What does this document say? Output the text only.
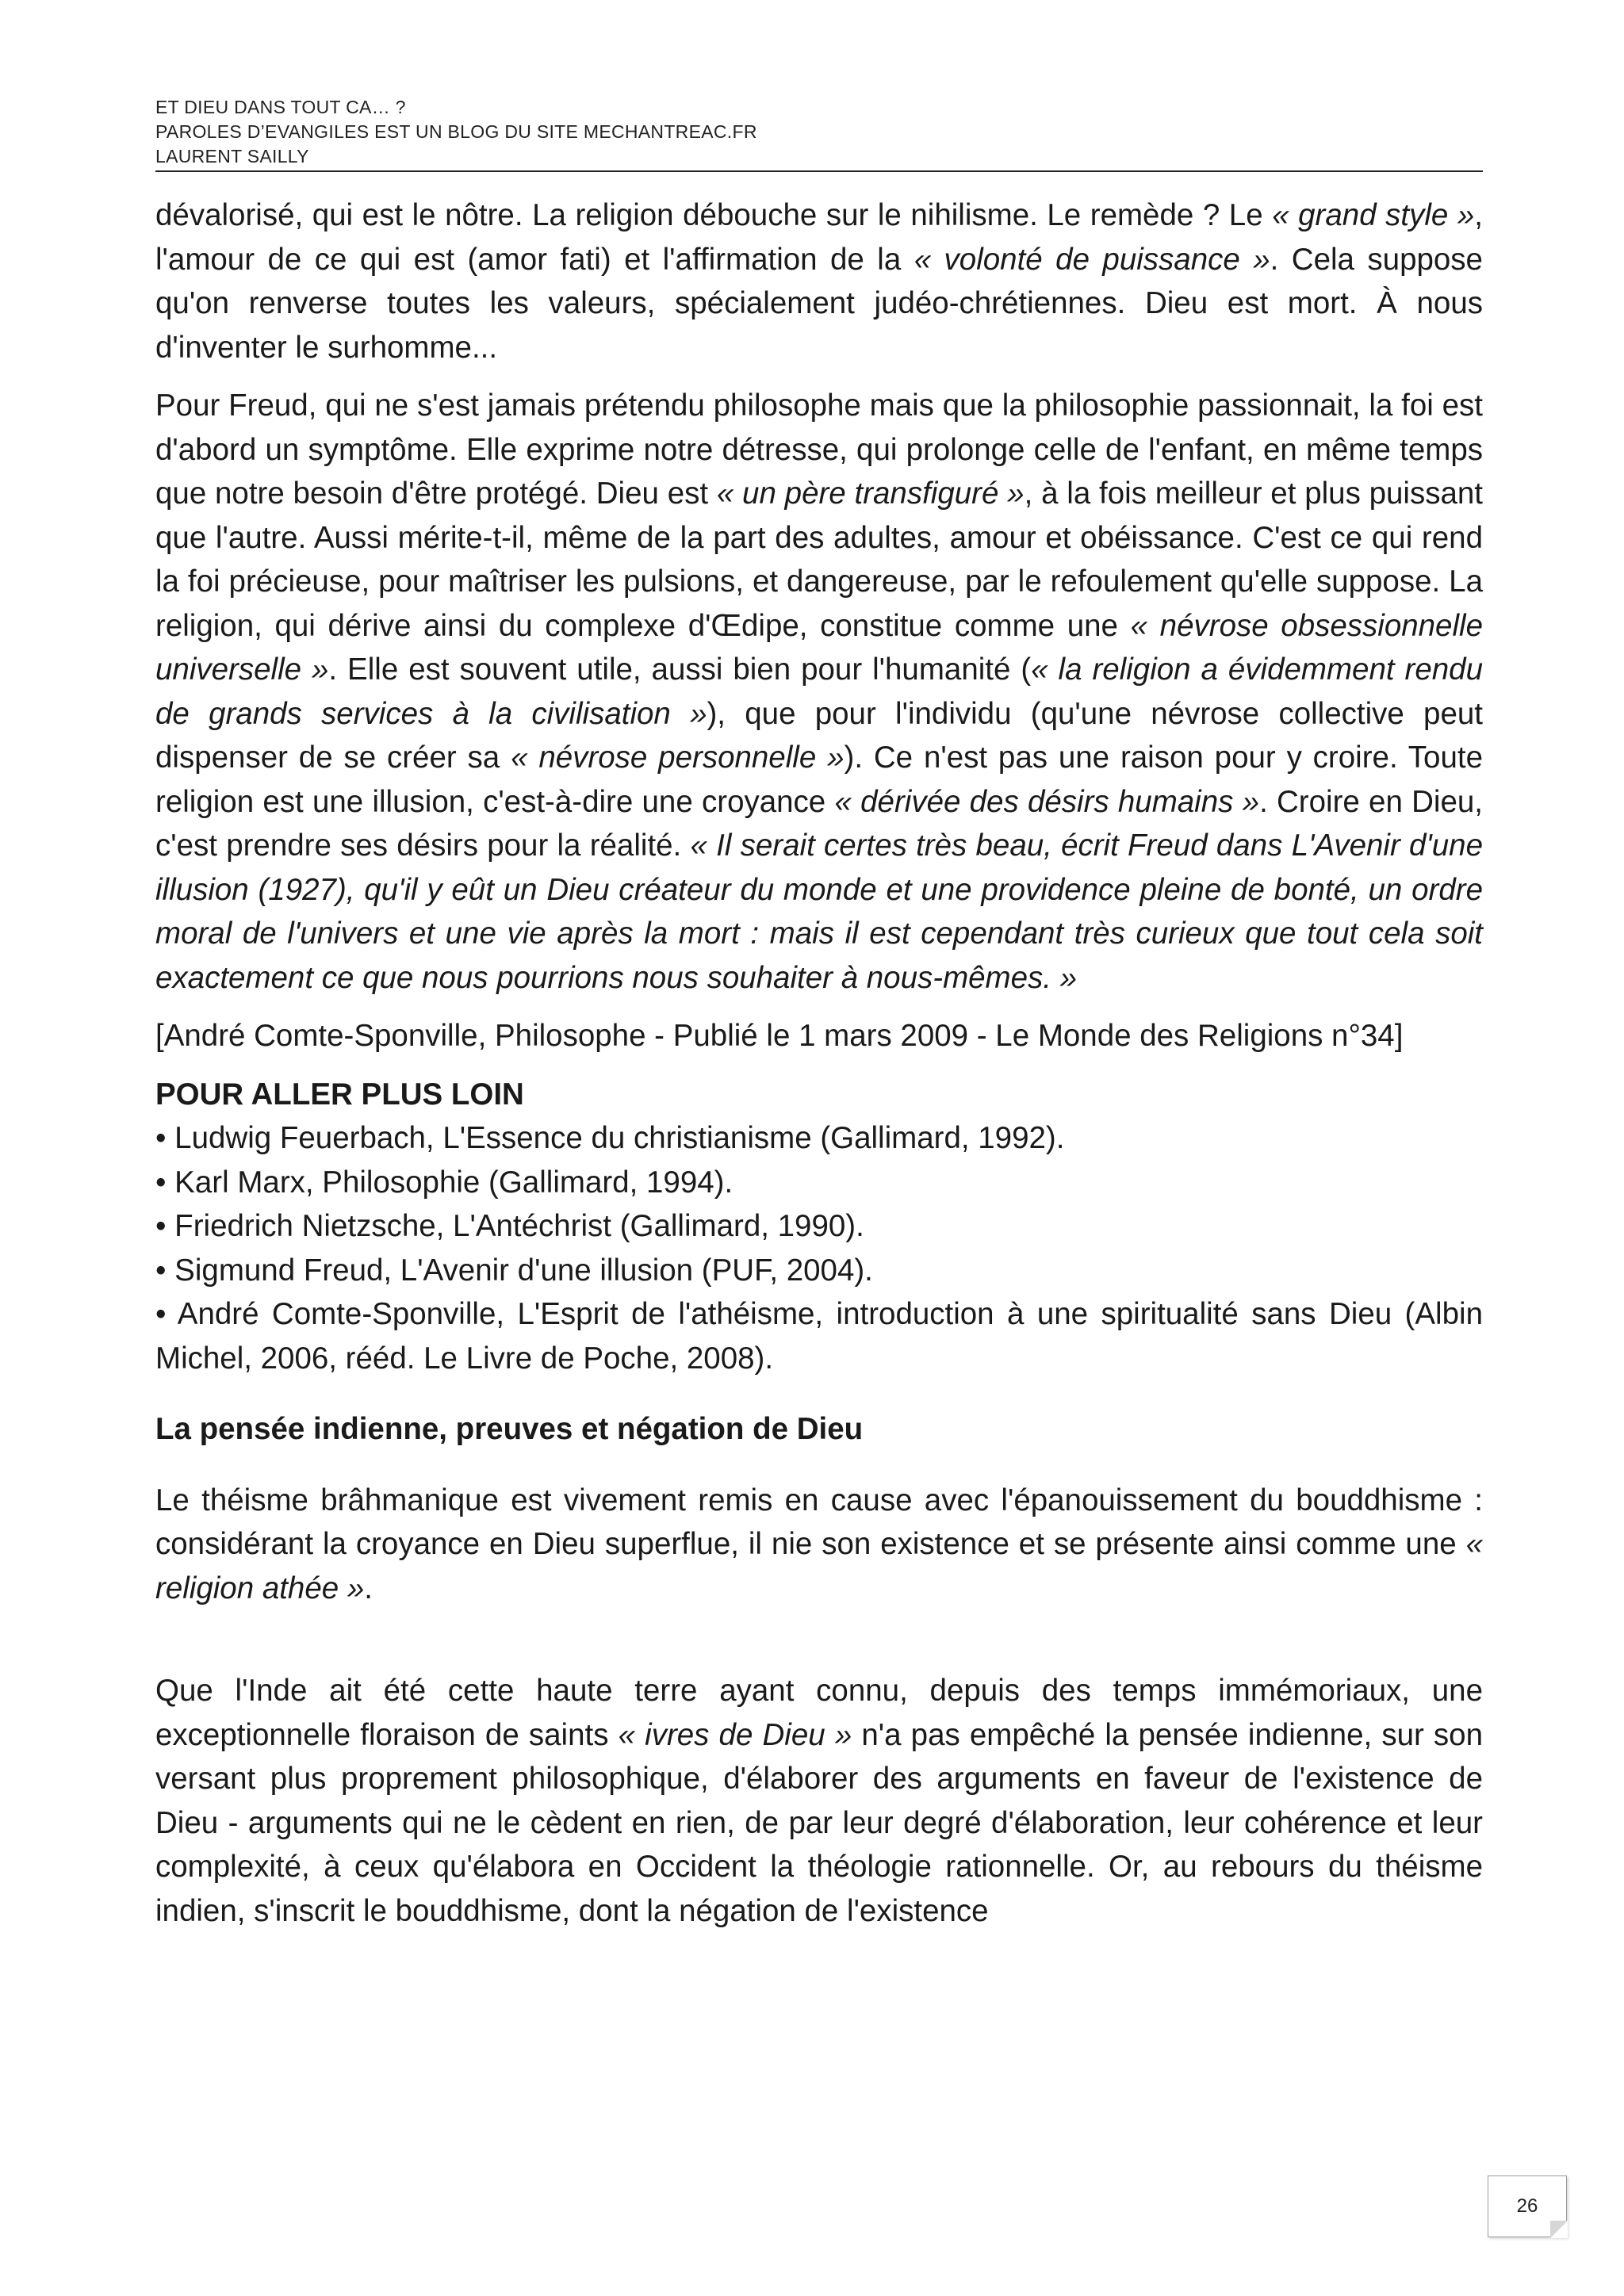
ET DIEU DANS TOUT CA… ?
PAROLES D’EVANGILES EST UN BLOG DU SITE MECHANTREAC.FR
LAURENT SAILLY

dévalorisé, qui est le nôtre. La religion débouche sur le nihilisme. Le remède ? Le « grand style », l'amour de ce qui est (amor fati) et l'affirmation de la « volonté de puissance ». Cela suppose qu'on renverse toutes les valeurs, spécialement judéo-chrétiennes. Dieu est mort. À nous d'inventer le surhomme...

Pour Freud, qui ne s'est jamais prétendu philosophe mais que la philosophie passionnait, la foi est d'abord un symptôme. Elle exprime notre détresse, qui prolonge celle de l'enfant, en même temps que notre besoin d'être protégé. Dieu est « un père transfiguré », à la fois meilleur et plus puissant que l'autre. Aussi mérite-t-il, même de la part des adultes, amour et obéissance. C'est ce qui rend la foi précieuse, pour maîtriser les pulsions, et dangereuse, par le refoulement qu'elle suppose. La religion, qui dérive ainsi du complexe d'Œdipe, constitue comme une « névrose obsessionnelle universelle ». Elle est souvent utile, aussi bien pour l'humanité (« la religion a évidemment rendu de grands services à la civilisation »), que pour l'individu (qu'une névrose collective peut dispenser de se créer sa « névrose personnelle »). Ce n'est pas une raison pour y croire. Toute religion est une illusion, c'est-à-dire une croyance « dérivée des désirs humains ». Croire en Dieu, c'est prendre ses désirs pour la réalité. « Il serait certes très beau, écrit Freud dans L'Avenir d'une illusion (1927), qu'il y eût un Dieu créateur du monde et une providence pleine de bonté, un ordre moral de l'univers et une vie après la mort : mais il est cependant très curieux que tout cela soit exactement ce que nous pourrions nous souhaiter à nous-mêmes. »

[André Comte-Sponville, Philosophe - Publié le 1 mars 2009 - Le Monde des Religions n°34]

POUR ALLER PLUS LOIN

• Ludwig Feuerbach, L'Essence du christianisme (Gallimard, 1992).
• Karl Marx, Philosophie (Gallimard, 1994).
• Friedrich Nietzsche, L'Antéchrist (Gallimard, 1990).
• Sigmund Freud, L'Avenir d'une illusion (PUF, 2004).
• André Comte-Sponville, L'Esprit de l'athéisme, introduction à une spiritualité sans Dieu (Albin Michel, 2006, rééd. Le Livre de Poche, 2008).

La pensée indienne, preuves et négation de Dieu

Le théisme brâhmanique est vivement remis en cause avec l'épanouissement du bouddhisme : considérant la croyance en Dieu superflue, il nie son existence et se présente ainsi comme une « religion athée ».

Que l'Inde ait été cette haute terre ayant connu, depuis des temps immémoriaux, une exceptionnelle floraison de saints « ivres de Dieu » n'a pas empêché la pensée indienne, sur son versant plus proprement philosophique, d'élaborer des arguments en faveur de l'existence de Dieu - arguments qui ne le cèdent en rien, de par leur degré d'élaboration, leur cohérence et leur complexité, à ceux qu'élabora en Occident la théologie rationnelle. Or, au rebours du théisme indien, s'inscrit le bouddhisme, dont la négation de l'existence

26
